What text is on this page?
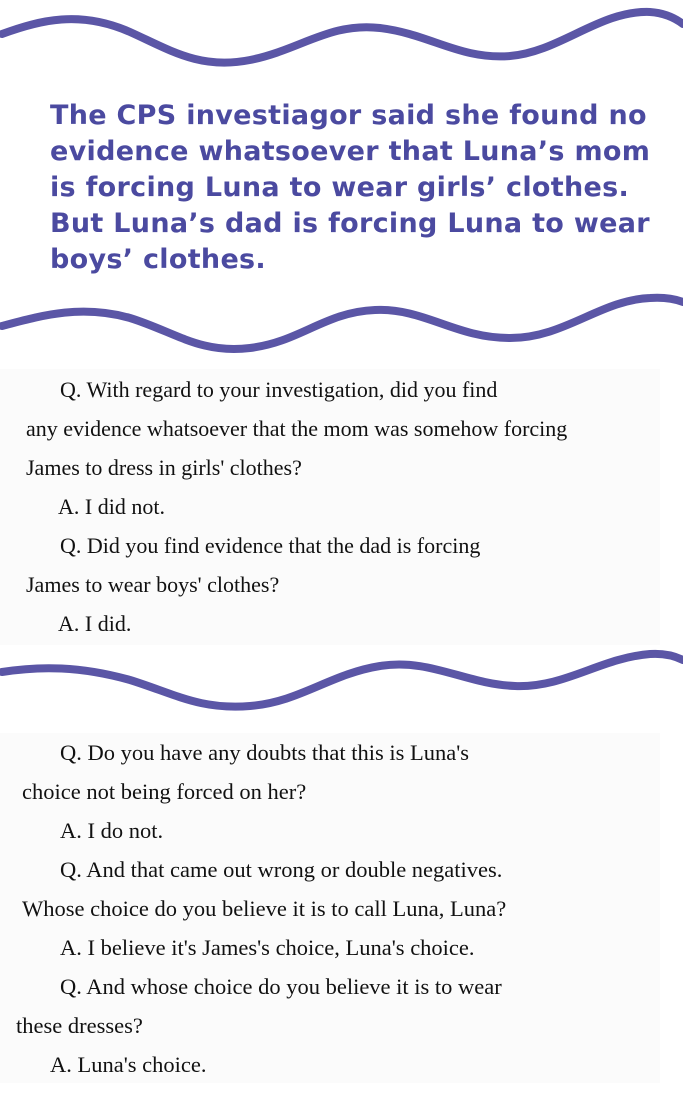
The CPS investiagor said she found no
evidence whatsoever that Luna’s mom
is forcing Luna to wear girls’ clothes.
But Luna’s dad is forcing Luna to wear
boys’ clothes.
Q. With regard to your investigation, did you find
any evidence whatsoever that the mom was somehow forcing
James to dress in girls' clothes?
A. I did not.
Q. Did you find evidence that the dad is forcing
James to wear boys' clothes?
A. I did.
Q. Do you have any doubts that this is Luna's
choice not being forced on her?
A. I do not.
Q. And that came out wrong or double negatives.
Whose choice do you believe it is to call Luna, Luna?
A. I believe it's James's choice, Luna's choice.
Q. And whose choice do you believe it is to wear
these dresses?
A. Luna's choice.
